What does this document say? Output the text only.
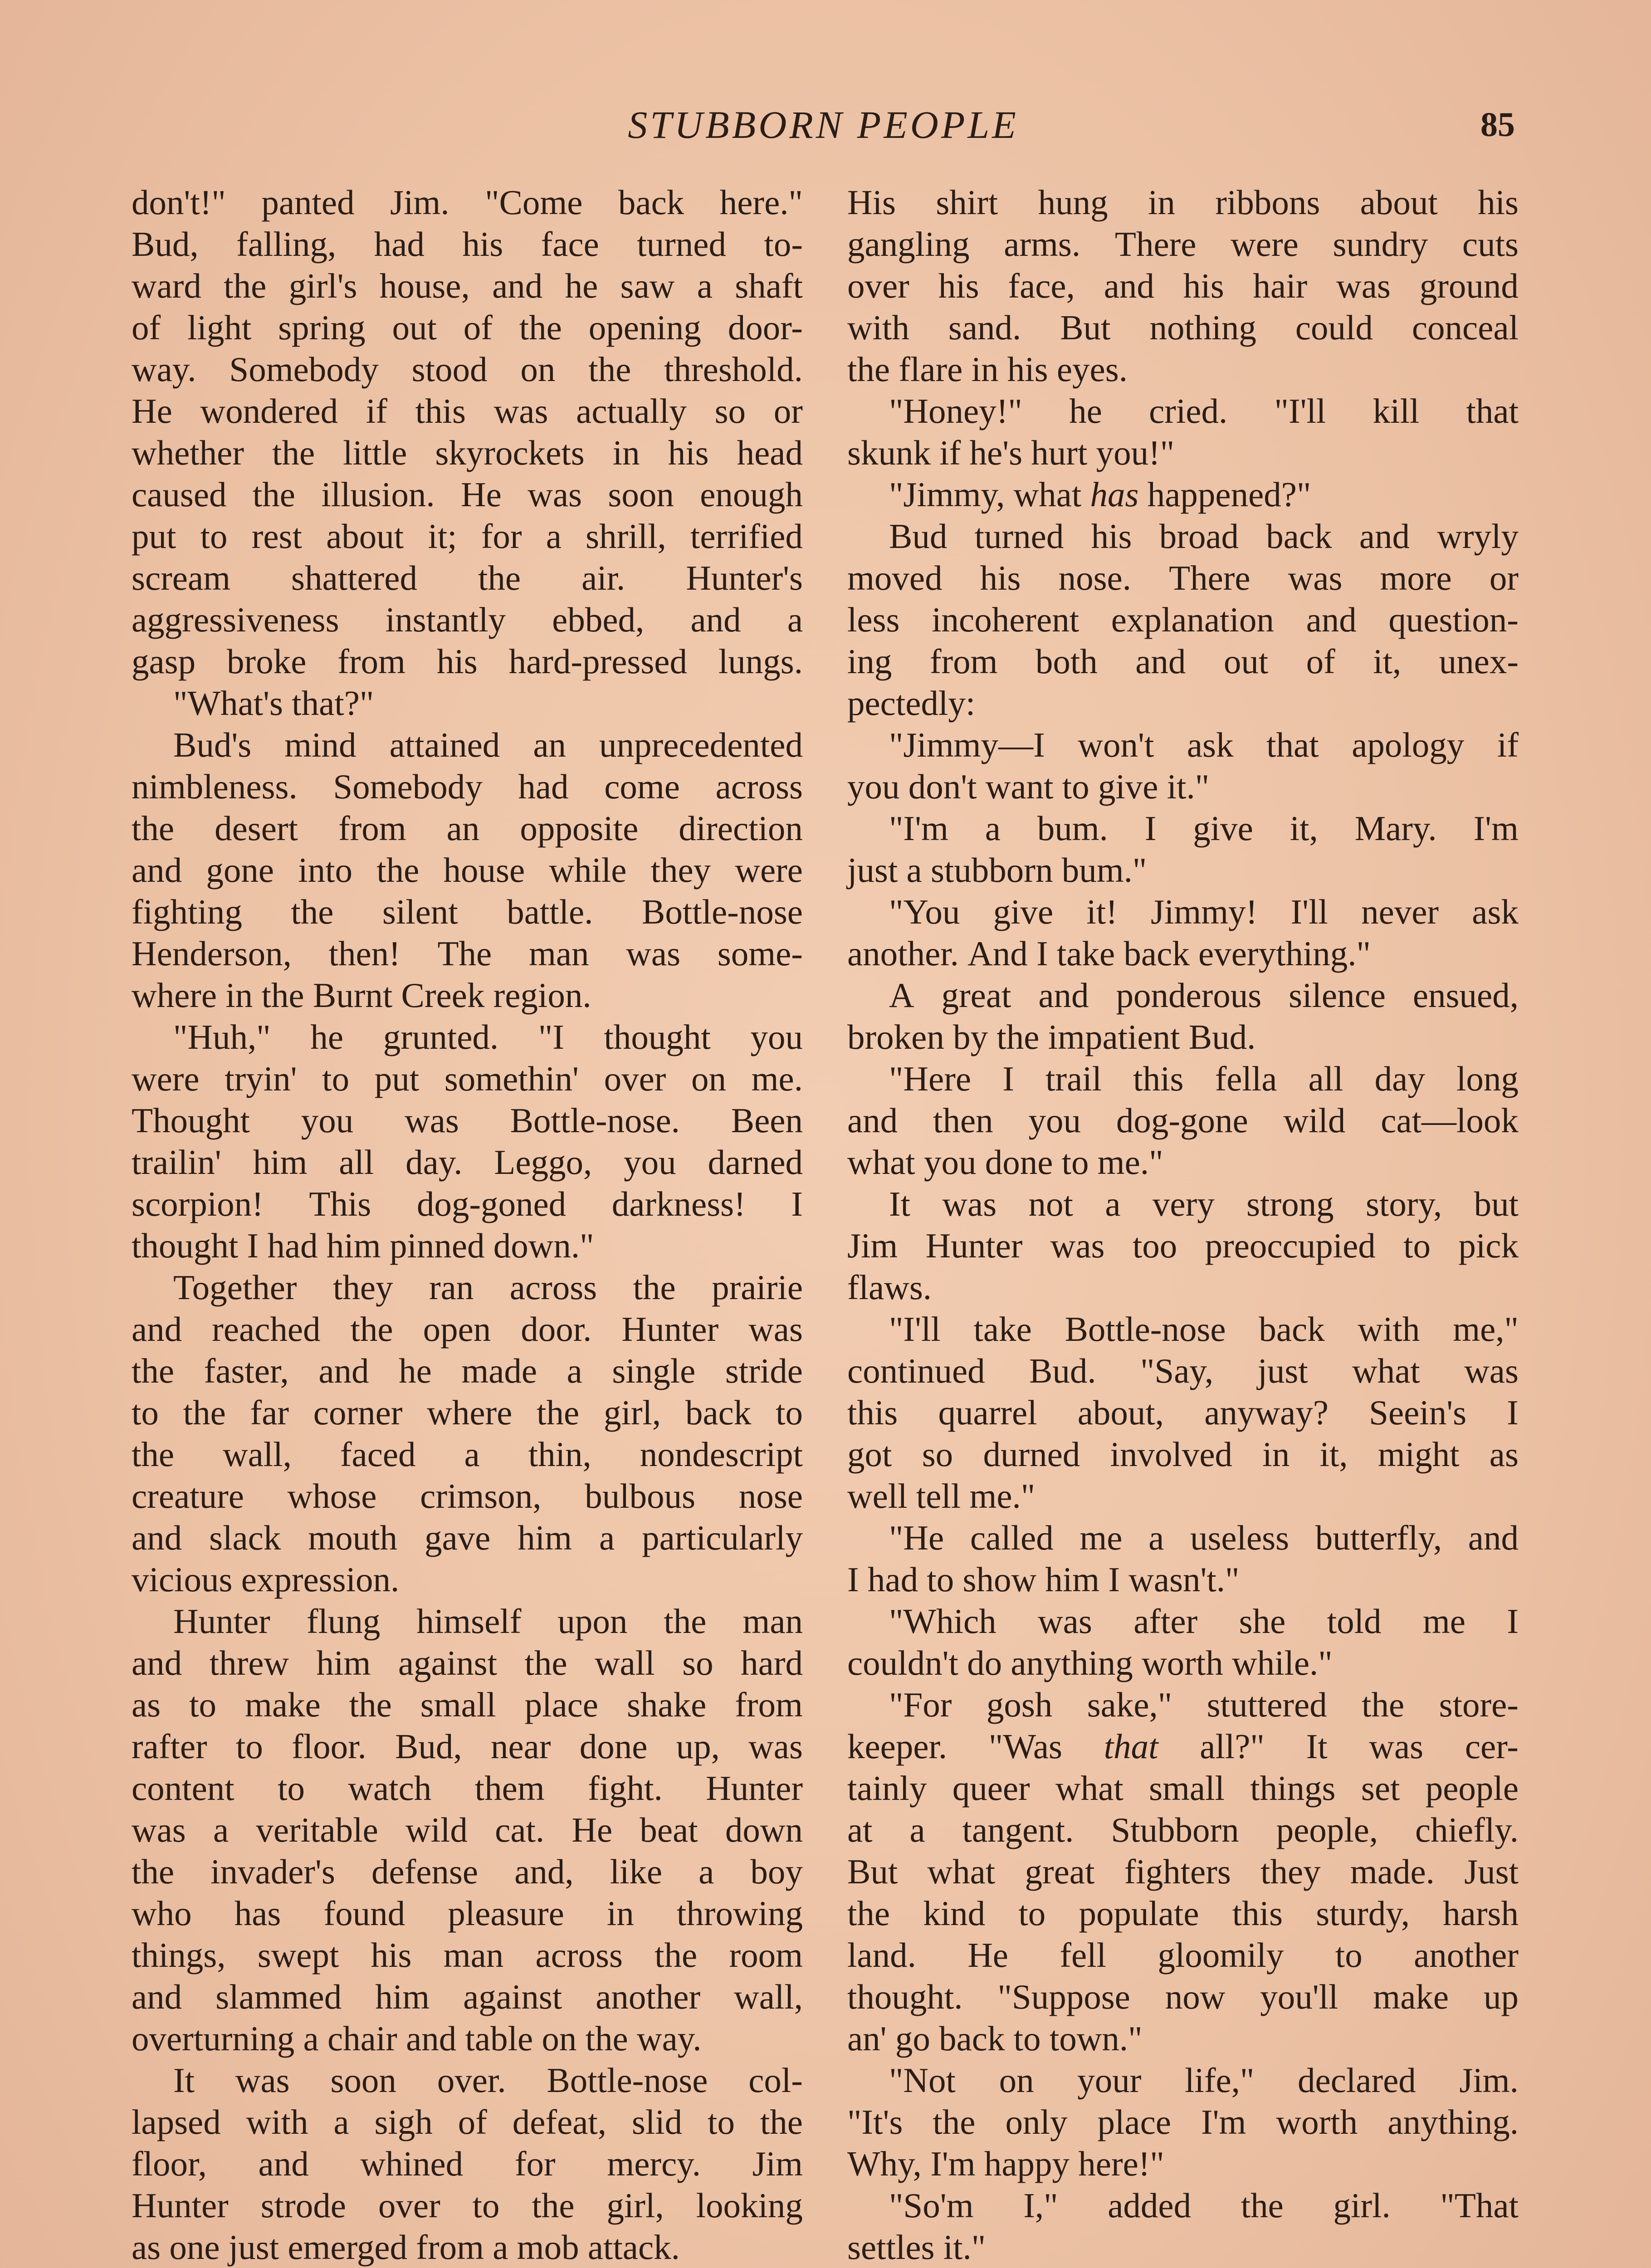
STUBBORN PEOPLE	85
don't!" panted Jim. "Come back here."
Bud, falling, had his face turned to-
ward the girl's house, and he saw a shaft
of light spring out of the opening door-
way. Somebody stood on the threshold.
He wondered if this was actually so or
whether the little skyrockets in his head
caused the illusion. He was soon enough
put to rest about it; for a shrill, terrified
scream shattered the air. Hunter's
aggressiveness instantly ebbed, and a
gasp broke from his hard-pressed lungs.
"What's that?"
Bud's mind attained an unprecedented
nimbleness. Somebody had come across
the desert from an opposite direction
and gone into the house while they were
fighting the silent battle. Bottle-nose
Henderson, then! The man was some-
where in the Burnt Creek region.
"Huh," he grunted. "I thought you
were tryin' to put somethin' over on me.
Thought you was Bottle-nose. Been
trailin' him all day. Leggo, you darned
scorpion! This dog-goned darkness! I
thought I had him pinned down."
Together they ran across the prairie
and reached the open door. Hunter was
the faster, and he made a single stride
to the far corner where the girl, back to
the wall, faced a thin, nondescript
creature whose crimson, bulbous nose
and slack mouth gave him a particularly
vicious expression.
Hunter flung himself upon the man
and threw him against the wall so hard
as to make the small place shake from
rafter to floor. Bud, near done up, was
content to watch them fight. Hunter
was a veritable wild cat. He beat down
the invader's defense and, like a boy
who has found pleasure in throwing
things, swept his man across the room
and slammed him against another wall,
overturning a chair and table on the way.
It was soon over. Bottle-nose col-
lapsed with a sigh of defeat, slid to the
floor, and whined for mercy. Jim
Hunter strode over to the girl, looking
as one just emerged from a mob attack.
His shirt hung in ribbons about his
gangling arms. There were sundry cuts
over his face, and his hair was ground
with sand. But nothing could conceal
the flare in his eyes.
"Honey!" he cried. "I'll kill that
skunk if he's hurt you!"
"Jimmy, what has happened?"
Bud turned his broad back and wryly
moved his nose. There was more or
less incoherent explanation and question-
ing from both and out of it, unex-
pectedly:
"Jimmy—I won't ask that apology if
you don't want to give it."
"I'm a bum. I give it, Mary. I'm
just a stubborn bum."
"You give it! Jimmy! I'll never ask
another. And I take back everything."
A great and ponderous silence ensued,
broken by the impatient Bud.
"Here I trail this fella all day long
and then you dog-gone wild cat—look
what you done to me."
It was not a very strong story, but
Jim Hunter was too preoccupied to pick
flaws.
"I'll take Bottle-nose back with me,"
continued Bud. "Say, just what was
this quarrel about, anyway? Seein's I
got so durned involved in it, might as
well tell me."
"He called me a useless butterfly, and
I had to show him I wasn't."
"Which was after she told me I
couldn't do anything worth while."
"For gosh sake," stuttered the store-
keeper. "Was that all?" It was cer-
tainly queer what small things set people
at a tangent. Stubborn people, chiefly.
But what great fighters they made. Just
the kind to populate this sturdy, harsh
land. He fell gloomily to another
thought. "Suppose now you'll make up
an' go back to town."
"Not on your life," declared Jim.
"It's the only place I'm worth anything.
Why, I'm happy here!"
"So'm I," added the girl. "That
settles it."
